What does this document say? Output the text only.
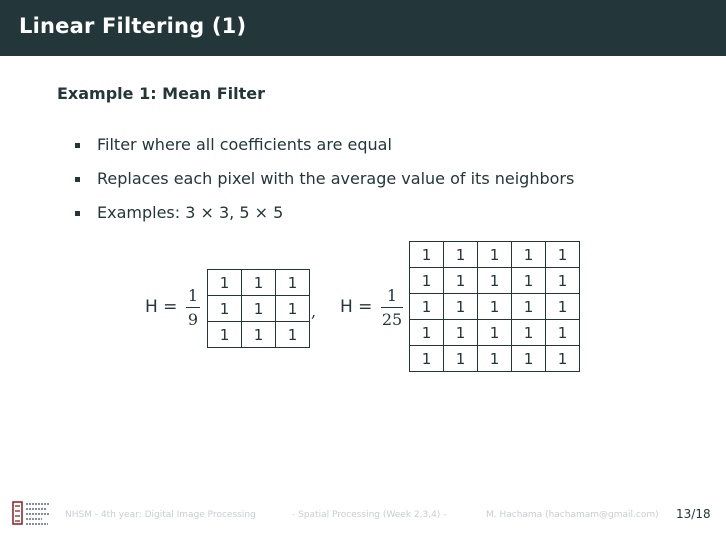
Linear Filtering (1)
Example 1: Mean Filter
Filter where all coefficients are equal
Replaces each pixel with the average value of its neighbors
Examples: 3 × 3, 5 × 5
H =
1
9
1	1	1
1	1	1
1	1	1
, H =
1
25
1	1	1	1	1
1	1	1	1	1
1	1	1	1	1
1	1	1	1	1
1	1	1	1	1
NHSM - 4th year: Digital Image Processing	- Spatial Processing (Week 2,3,4) -	M. Hachama (hachamam@gmail.com) 13/18
